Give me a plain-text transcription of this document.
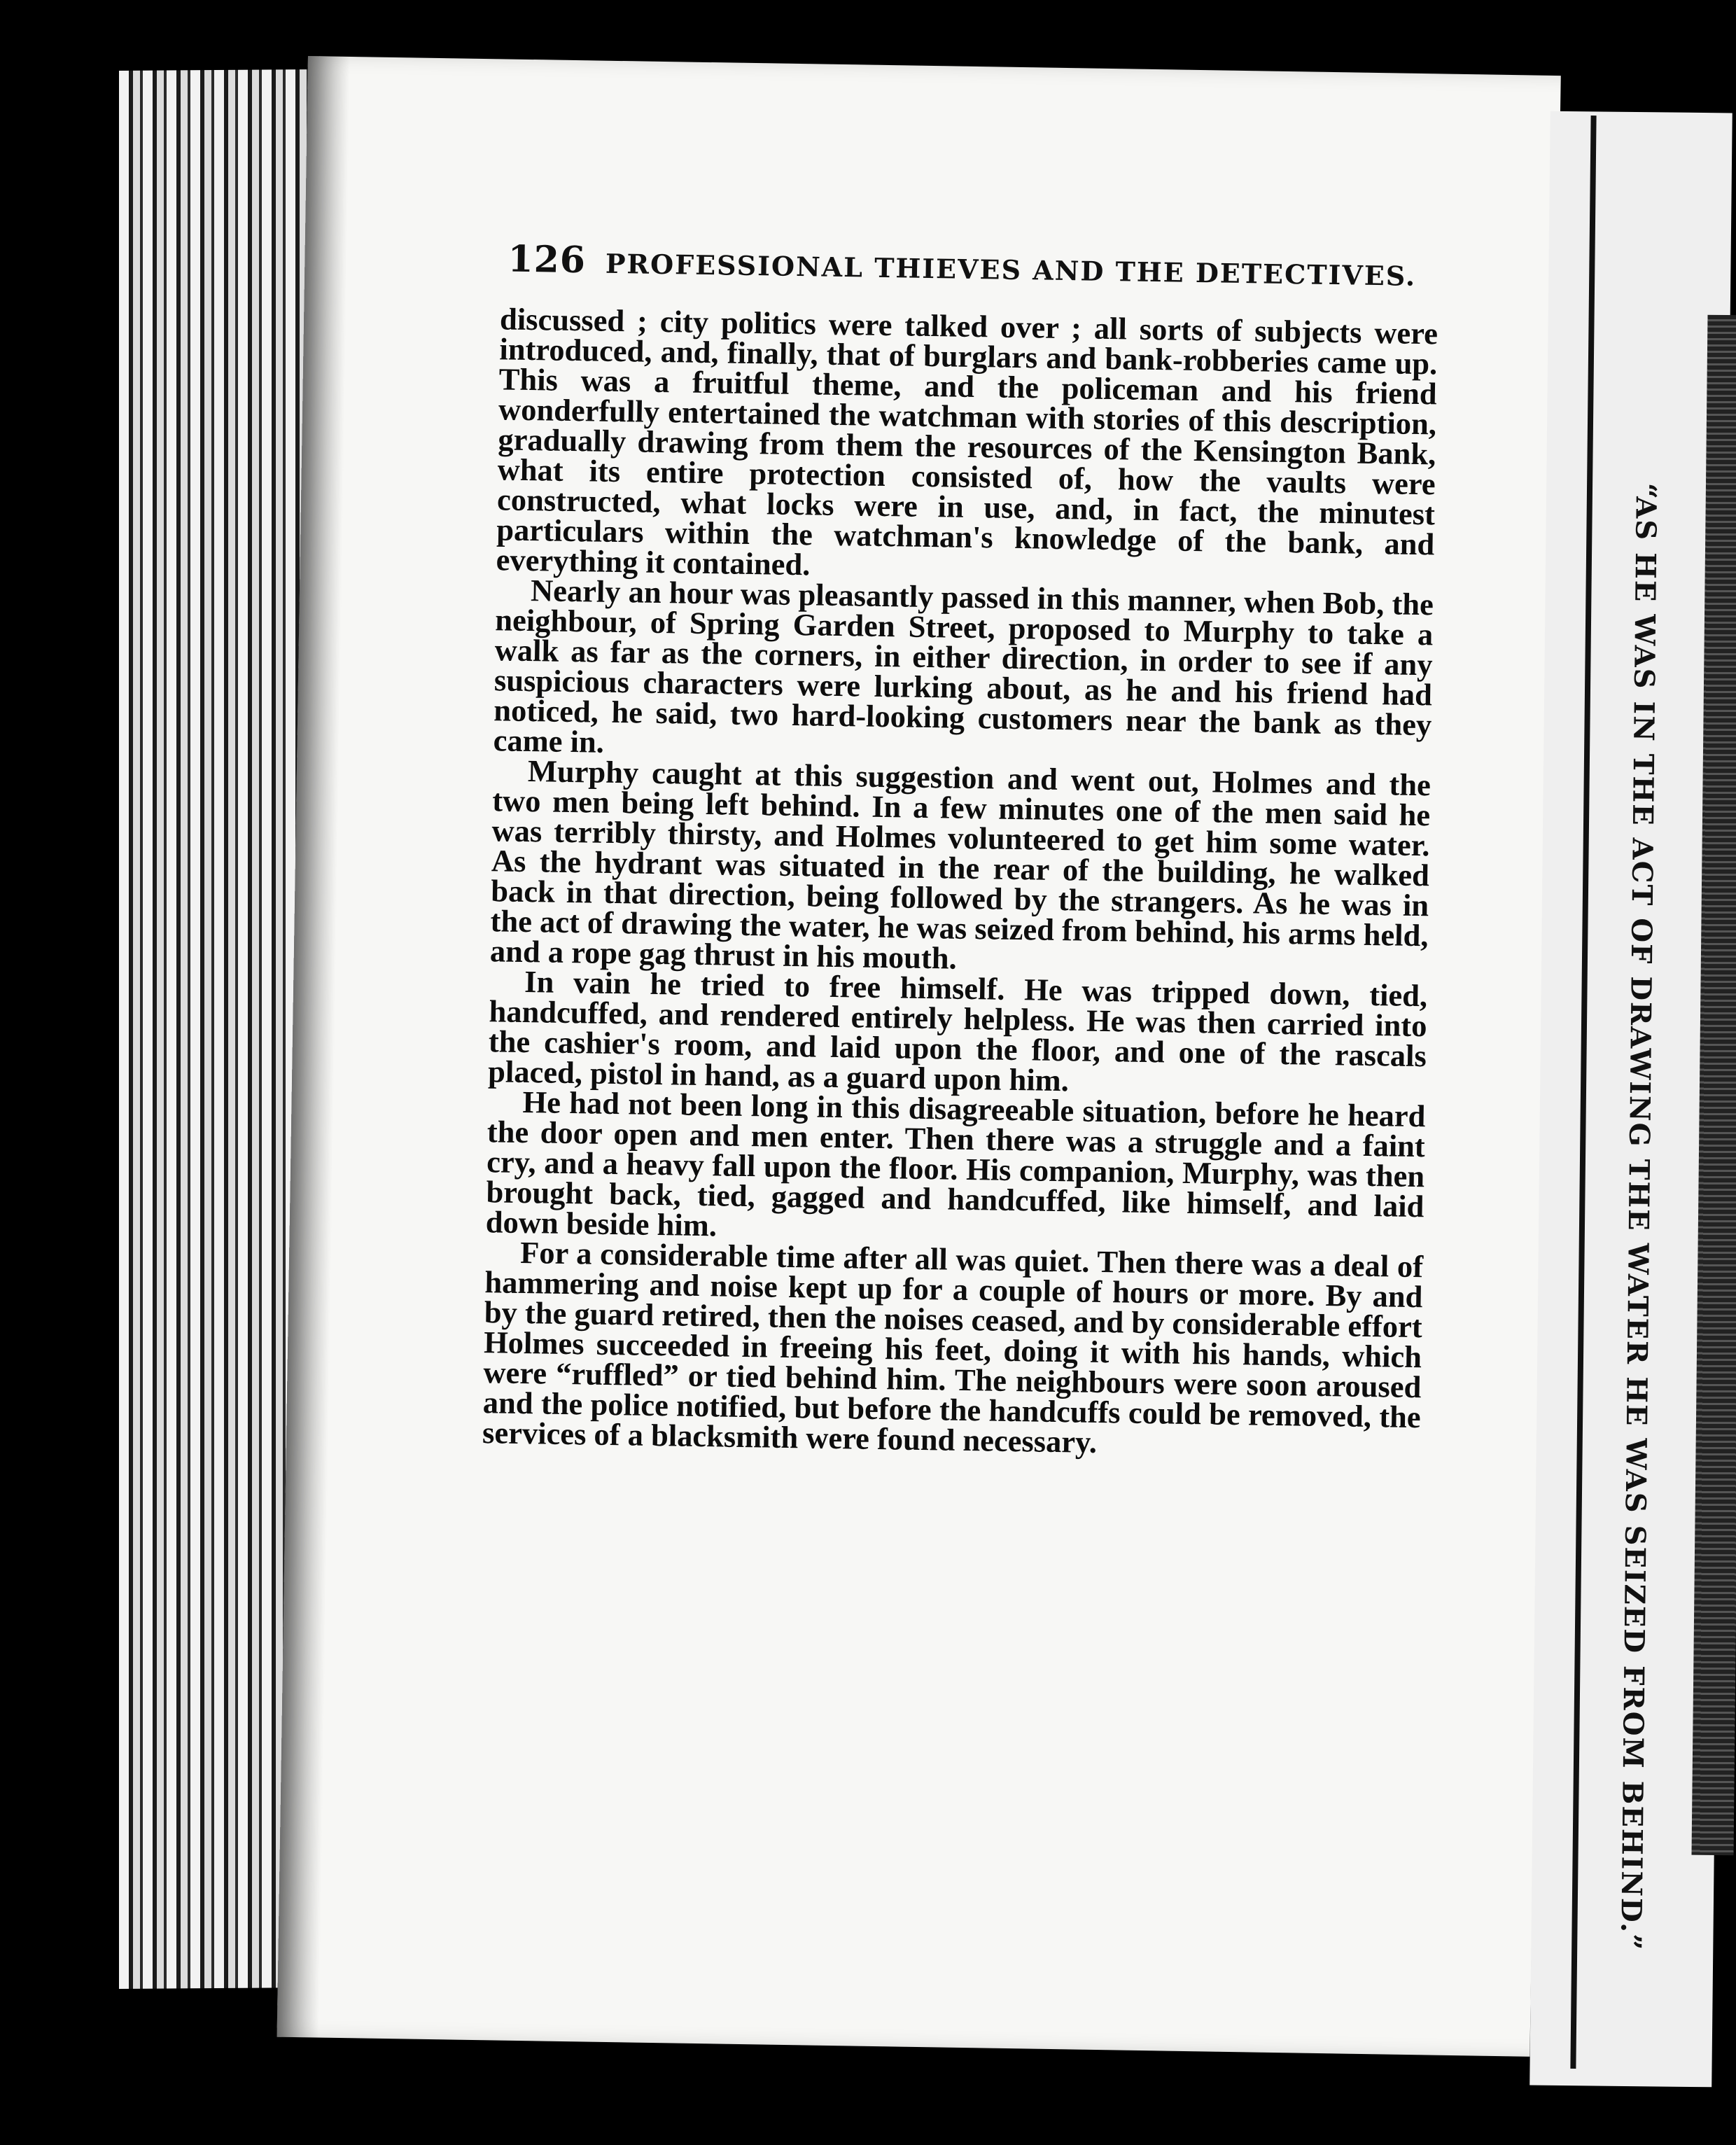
126 PROFESSIONAL THIEVES AND THE DETECTIVES.

discussed ; city politics were talked over ; all sorts of subjects were introduced, and, finally, that of burglars and bank-robberies came up. This was a fruitful theme, and the policeman and his friend wonderfully entertained the watchman with stories of this description, gradually drawing from them the resources of the Kensington Bank, what its entire protection consisted of, how the vaults were constructed, what locks were in use, and, in fact, the minutest particulars within the watchman's knowledge of the bank, and everything it contained.

Nearly an hour was pleasantly passed in this manner, when Bob, the neighbour, of Spring Garden Street, proposed to Murphy to take a walk as far as the corners, in either direction, in order to see if any suspicious characters were lurking about, as he and his friend had noticed, he said, two hard-looking customers near the bank as they came in.

Murphy caught at this suggestion and went out, Holmes and the two men being left behind. In a few minutes one of the men said he was terribly thirsty, and Holmes volunteered to get him some water. As the hydrant was situated in the rear of the building, he walked back in that direction, being followed by the strangers. As he was in the act of drawing the water, he was seized from behind, his arms held, and a rope gag thrust in his mouth.

In vain he tried to free himself. He was tripped down, tied, handcuffed, and rendered entirely helpless. He was then carried into the cashier's room, and laid upon the floor, and one of the rascals placed, pistol in hand, as a guard upon him.

He had not been long in this disagreeable situation, before he heard the door open and men enter. Then there was a struggle and a faint cry, and a heavy fall upon the floor. His companion, Murphy, was then brought back, tied, gagged and handcuffed, like himself, and laid down beside him.

For a considerable time after all was quiet. Then there was a deal of hammering and noise kept up for a couple of hours or more. By and by the guard retired, then the noises ceased, and by considerable effort Holmes succeeded in freeing his feet, doing it with his hands, which were “ruffled” or tied behind him. The neighbours were soon aroused and the police notified, but before the handcuffs could be removed, the services of a blacksmith were found necessary.	“AS HE WAS IN THE ACT OF DRAWING THE WATER HE WAS SEIZED FROM BEHIND.”
